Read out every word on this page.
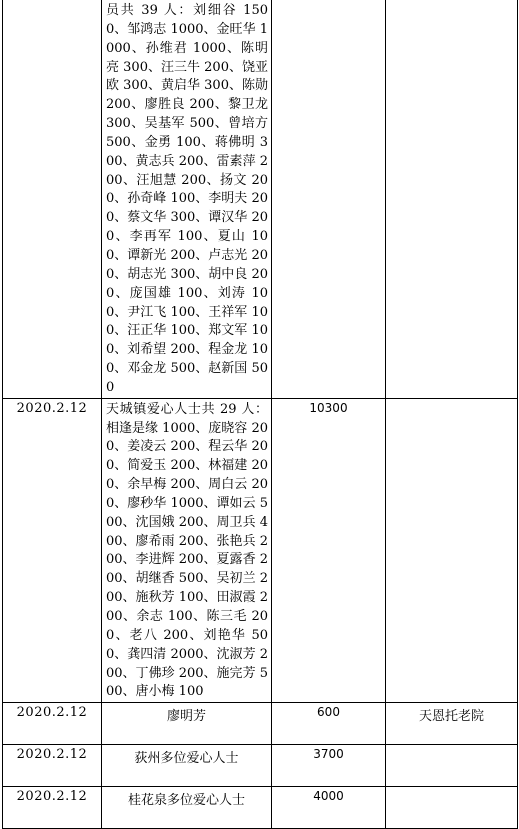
	员共 39 人：刘细谷 1500、邹鸿志 1000、金旺华 1000、孙维君 1000、陈明亮 300、汪三牛 200、饶亚欧 300、黄启华 300、陈勋 200、廖胜良 200、黎卫龙 300、吴基军 500、曾培方 500、金勇 100、蒋佛明 300、黄志兵 200、雷素萍 200、汪旭慧 200、扬文 200、孙奇峰 100、李明夫 200、蔡文华 300、谭汉华 200、李再军 100、夏山 100、谭新光 200、卢志光 200、胡志光 300、胡中良 200、庞国雄 100、刘涛 100、尹江飞 100、王祥军 100、汪正华 100、郑文军 100、刘希望 200、程金龙 100、邓金龙 500、赵新国 500		

2020.2.12	天城镇爱心人士共 29 人：相逢是缘 1000、庞晓容 200、姜凌云 200、程云华 200、简爱玉 200、林福建 200、余早梅 200、周白云 200、廖秒华 1000、谭如云 500、沈国娥 200、周卫兵 400、廖希雨 200、张艳兵 200、李进辉 200、夏露香 200、胡继香 500、吴初兰 200、施秋芳 100、田淑霞 200、余志 100、陈三毛 200、老八 200、刘艳华 500、龚四清 2000、沈淑芳 200、丁佛珍 200、施完芳 500、唐小梅 100	10300	
2020.2.12	廖明芳	600	天恩托老院
2020.2.12	荻州多位爱心人士	3700	
2020.2.12	桂花泉多位爱心人士	4000	
